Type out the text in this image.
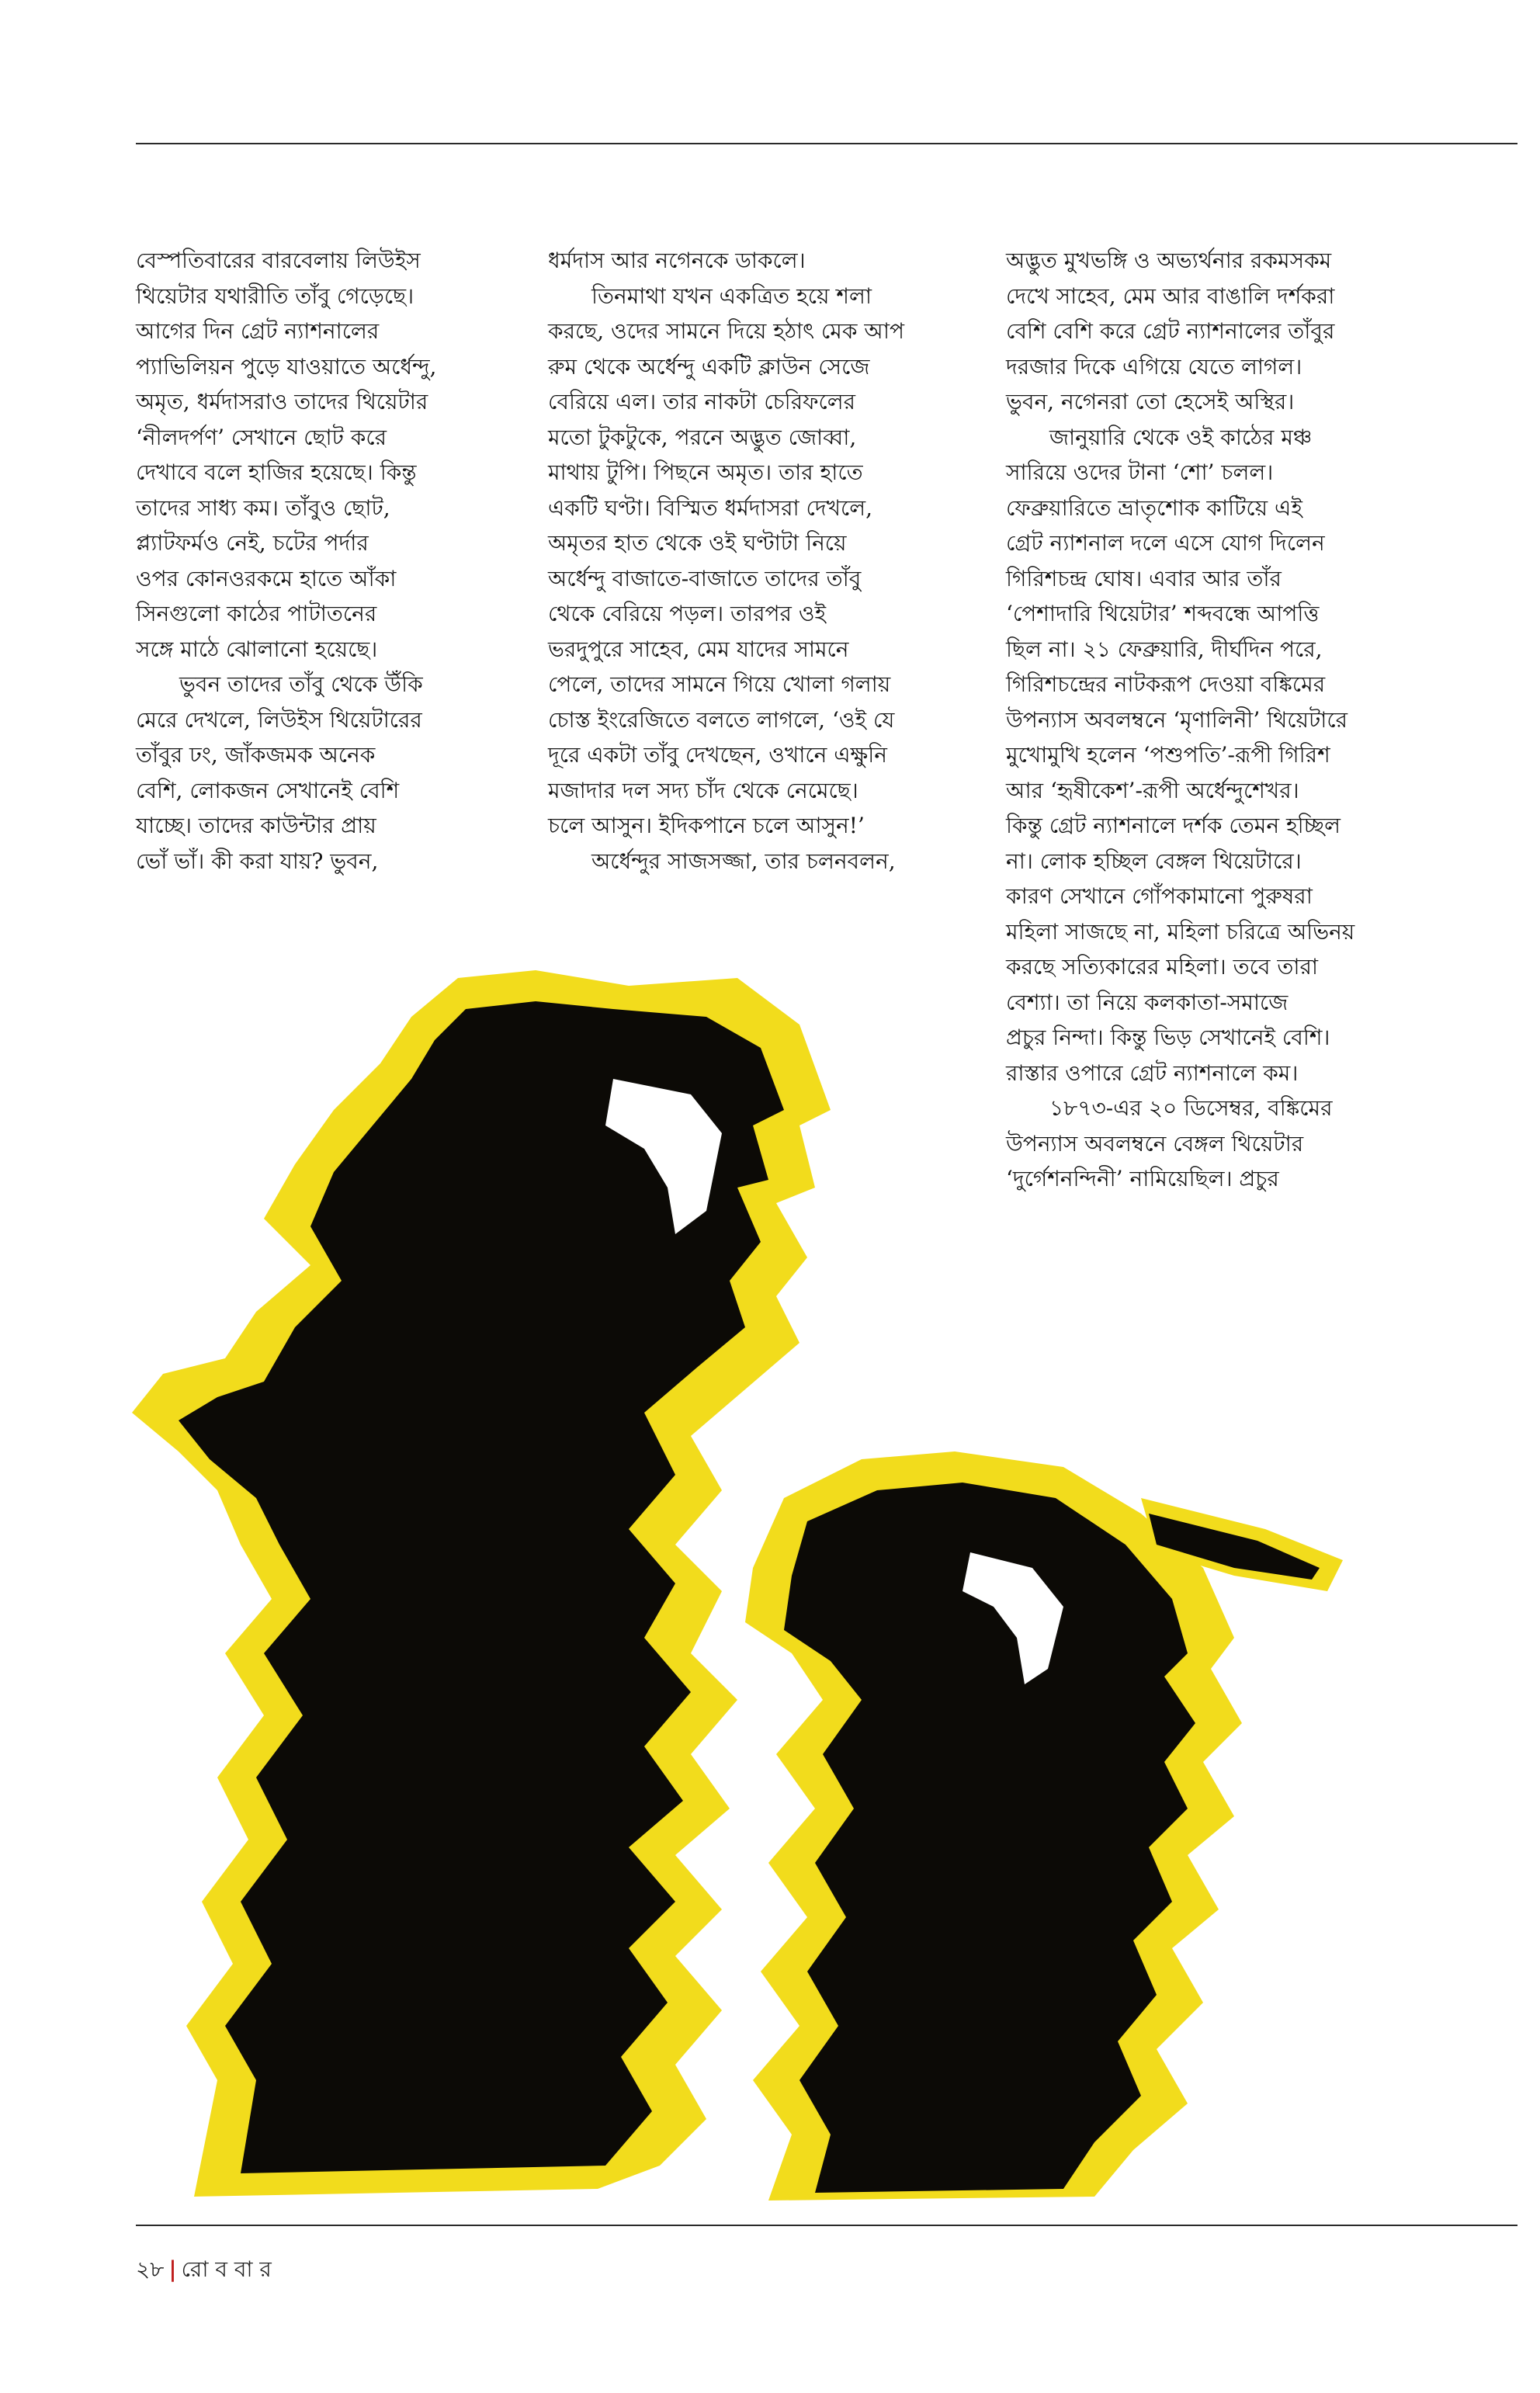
বেস্পতিবারের বারবেলায় লিউইস

থিয়েটার যথারীতি তাঁবু গেড়েছে।

আগের দিন গ্রেট ন্যাশনালের

প্যাভিলিয়ন পুড়ে যাওয়াতে অর্ধেন্দু,

অমৃত, ধর্মদাসরাও তাদের থিয়েটার

‘নীলদর্পণ’ সেখানে ছোট করে

দেখাবে বলে হাজির হয়েছে। কিন্তু

তাদের সাধ্য কম। তাঁবুও ছোট,

প্ল্যাটফর্মও নেই, চটের পর্দার

ওপর কোনওরকমে হাতে আঁকা

সিনগুলো কাঠের পাটাতনের

সঙ্গে মাঠে ঝোলানো হয়েছে।

ভুবন তাদের তাঁবু থেকে উঁকি

মেরে দেখলে, লিউইস থিয়েটারের

তাঁবুর ঢং, জাঁকজমক অনেক

বেশি, লোকজন সেখানেই বেশি

যাচ্ছে। তাদের কাউন্টার প্রায়

ভোঁ ভাঁ। কী করা যায়? ভুবন,

ধর্মদাস আর নগেনকে ডাকলে।

তিনমাথা যখন একত্রিত হয়ে শলা

করছে, ওদের সামনে দিয়ে হঠাৎ মেক আপ

রুম থেকে অর্ধেন্দু একটি ক্লাউন সেজে

বেরিয়ে এল। তার নাকটা চেরিফলের

মতো টুকটুকে, পরনে অদ্ভুত জোব্বা,

মাথায় টুপি। পিছনে অমৃত। তার হাতে

একটি ঘণ্টা। বিস্মিত ধর্মদাসরা দেখলে,

অমৃতর হাত থেকে ওই ঘণ্টাটা নিয়ে

অর্ধেন্দু বাজাতে-বাজাতে তাদের তাঁবু

থেকে বেরিয়ে পড়ল। তারপর ওই

ভরদুপুরে সাহেব, মেম যাদের সামনে

পেলে, তাদের সামনে গিয়ে খোলা গলায়

চোস্ত ইংরেজিতে বলতে লাগলে, ‘ওই যে

দূরে একটা তাঁবু দেখছেন, ওখানে এক্ষুনি

মজাদার দল সদ্য চাঁদ থেকে নেমেছে।

চলে আসুন। ইদিকপানে চলে আসুন!’

অর্ধেন্দুর সাজসজ্জা, তার চলনবলন,

অদ্ভুত মুখভঙ্গি ও অভ্যর্থনার রকমসকম

দেখে সাহেব, মেম আর বাঙালি দর্শকরা

বেশি বেশি করে গ্রেট ন্যাশনালের তাঁবুর

দরজার দিকে এগিয়ে যেতে লাগল।

ভুবন, নগেনরা তো হেসেই অস্থির।

জানুয়ারি থেকে ওই কাঠের মঞ্চ

সারিয়ে ওদের টানা ‘শো’ চলল।

ফেব্রুয়ারিতে ভ্রাতৃশোক কাটিয়ে এই

গ্রেট ন্যাশনাল দলে এসে যোগ দিলেন

গিরিশচন্দ্র ঘোষ। এবার আর তাঁর

‘পেশাদারি থিয়েটার’ শব্দবন্ধে আপত্তি

ছিল না। ২১ ফেব্রুয়ারি, দীর্ঘদিন পরে,

গিরিশচন্দ্রের নাটকরূপ দেওয়া বঙ্কিমের

উপন্যাস অবলম্বনে ‘মৃণালিনী’ থিয়েটারে

মুখোমুখি হলেন ‘পশুপতি’-রূপী গিরিশ

আর ‘হৃষীকেশ’-রূপী অর্ধেন্দুশেখর।

কিন্তু গ্রেট ন্যাশনালে দর্শক তেমন হচ্ছিল

না। লোক হচ্ছিল বেঙ্গল থিয়েটারে।

কারণ সেখানে গোঁপকামানো পুরুষরা

মহিলা সাজছে না, মহিলা চরিত্রে অভিনয়

করছে সত্যিকারের মহিলা। তবে তারা

বেশ্যা। তা নিয়ে কলকাতা-সমাজে

প্রচুর নিন্দা। কিন্তু ভিড় সেখানেই বেশি।

রাস্তার ওপারে গ্রেট ন্যাশনালে কম।

১৮৭৩-এর ২০ ডিসেম্বর, বঙ্কিমের

উপন্যাস অবলম্বনে বেঙ্গল থিয়েটার

‘দুর্গেশনন্দিনী’ নামিয়েছিল। প্রচুর

২৮ | রো ব বা র
